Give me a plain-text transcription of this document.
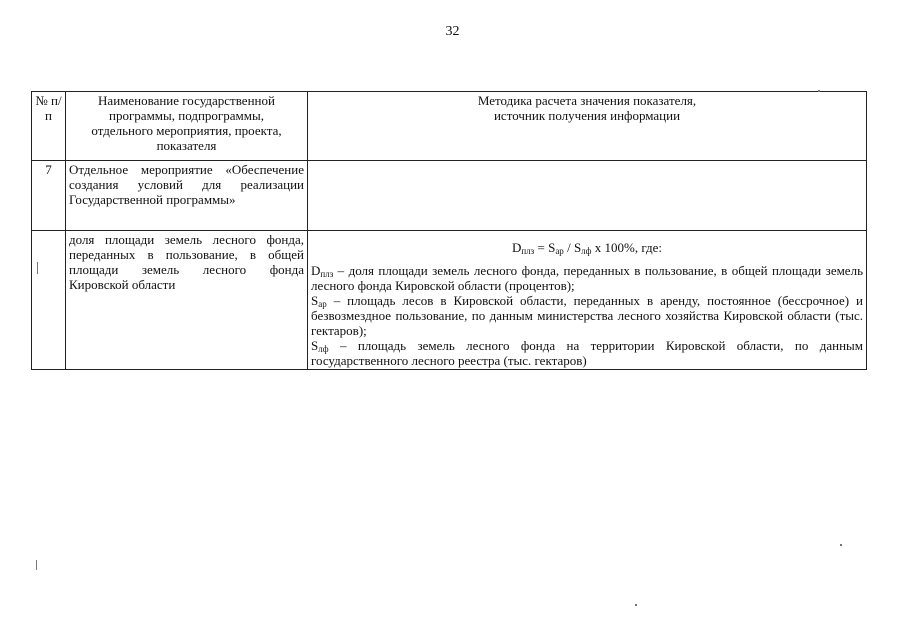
32
№ п/п	Наименование государственной программы, подпрограммы, отдельного мероприятия, проекта, показателя	Методика расчета значения показателя, источник получения информации
7	Отдельное мероприятие «Обеспечение создания условий для реализации Государственной программы»	
	доля площади земель лесного фонда, переданных в пользование, в общей площади земель лесного фонда Кировской области	$D_{плз} = S_{ар} / S_{лф}$ x 100%, где:

$D_{плз}$ – доля площади земель лесного фонда, переданных в пользование, в общей площади земель лесного фонда Кировской области (процентов);

$S_{ар}$ – площадь лесов в Кировской области, переданных в аренду, постоянное (бессрочное) и безвозмездное пользование, по данным министерства лесного хозяйства Кировской области (тыс. гектаров);

$S_{лф}$ – площадь земель лесного фонда на территории Кировской области, по данным государственного лесного реестра (тыс. гектаров)
